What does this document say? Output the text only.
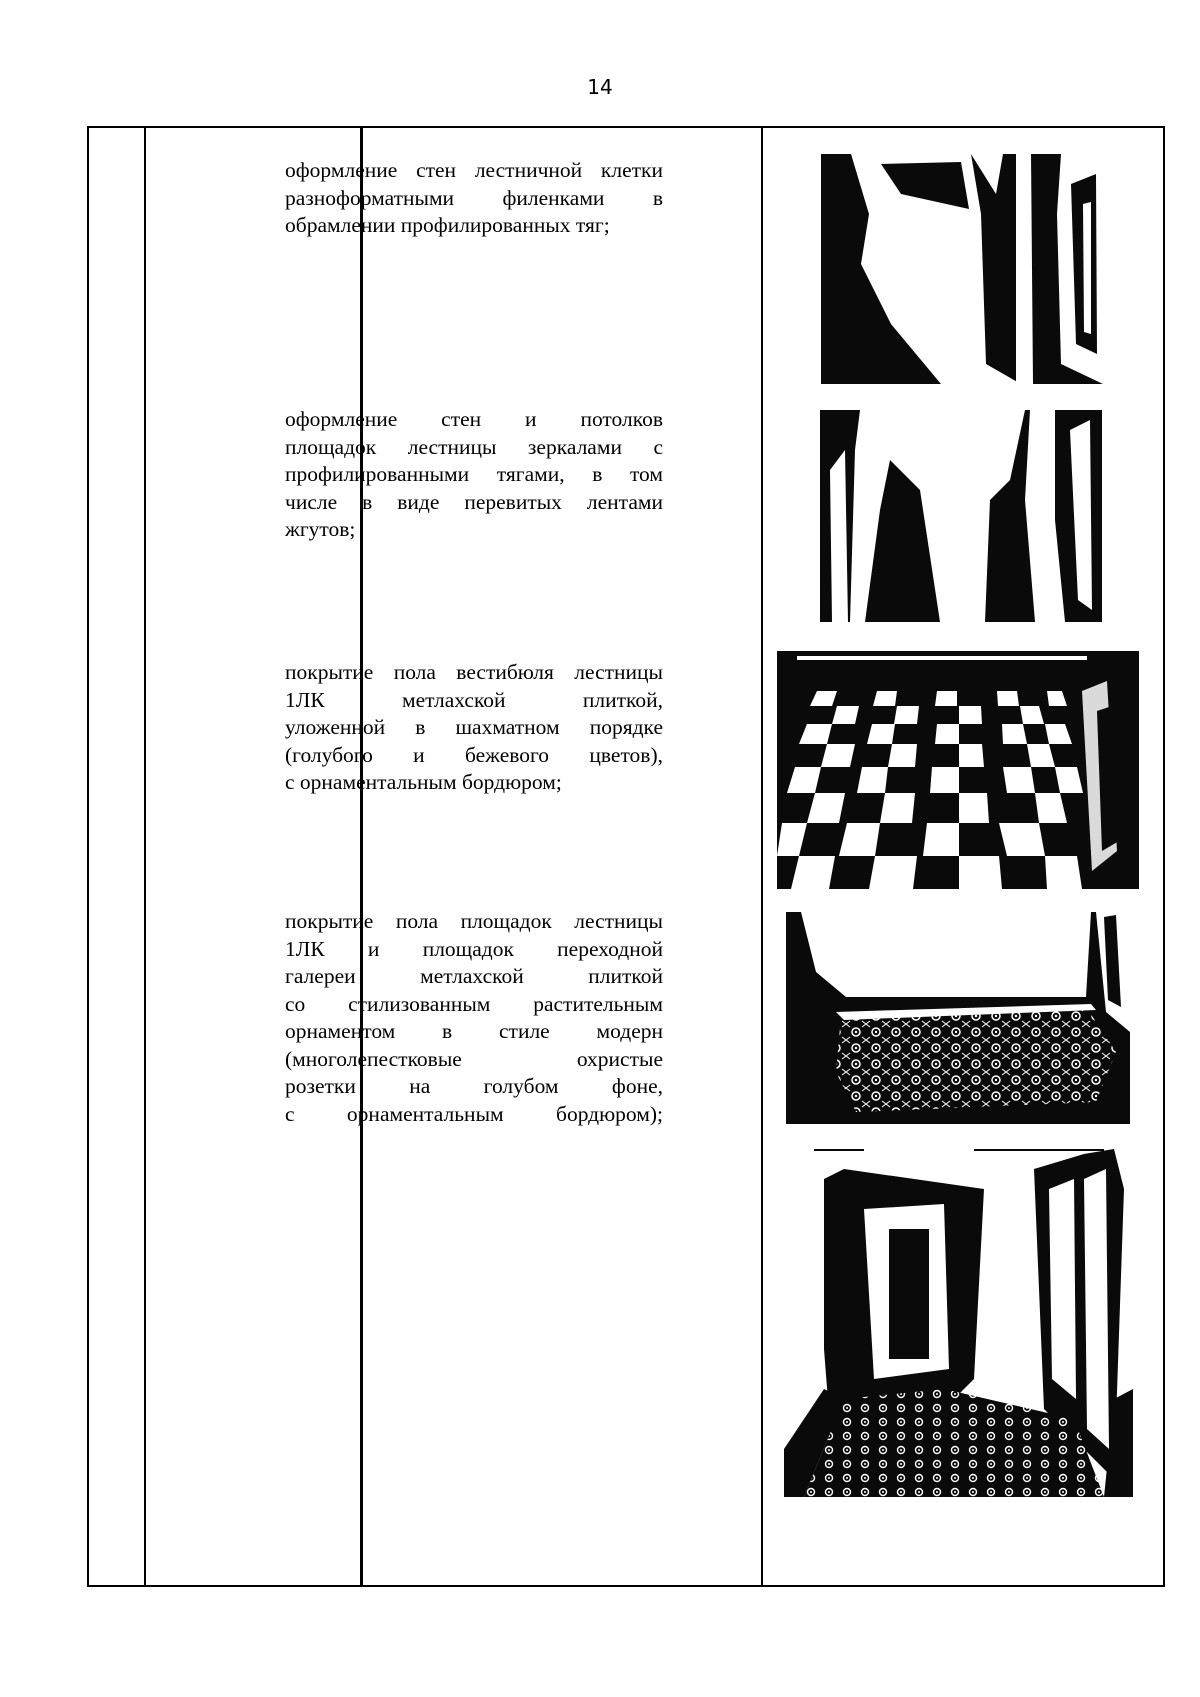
14
оформление стен лестничной клетки
разноформатными филенками в
обрамлении профилированных тяг;
оформление стен и потолков
площадок лестницы зеркалами с
профилированными тягами, в том
числе в виде перевитых лентами
жгутов;
покрытие пола вестибюля лестницы
1ЛК метлахской плиткой,
уложенной в шахматном порядке
(голубого и бежевого цветов),
с орнаментальным бордюром;
покрытие пола площадок лестницы
1ЛК и площадок переходной
галереи метлахской плиткой
со стилизованным растительным
орнаментом в стиле модерн
(многолепестковые охристые
розетки на голубом фоне,
с орнаментальным бордюром);
